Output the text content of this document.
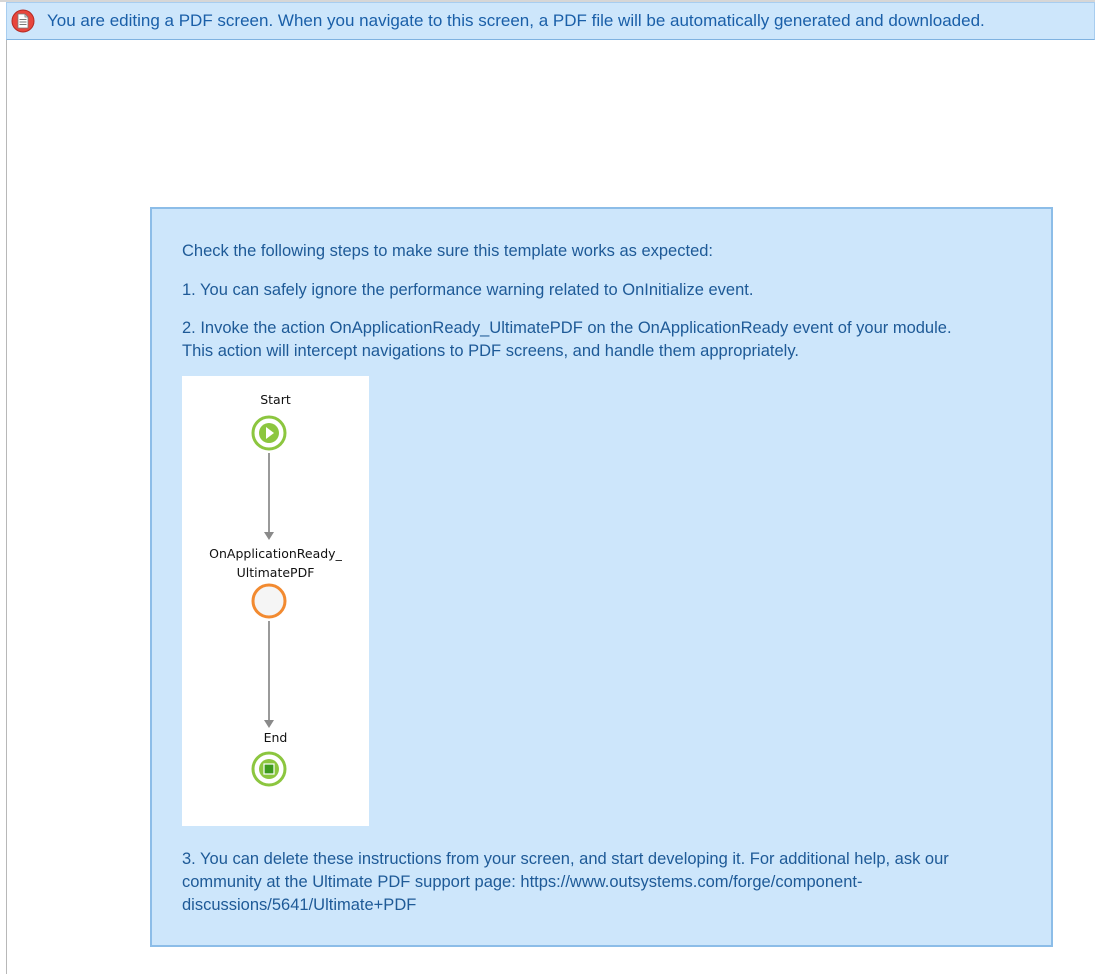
You are editing a PDF screen. When you navigate to this screen, a PDF file will be automatically generated and downloaded.

Check the following steps to make sure this template works as expected:

1. You can safely ignore the performance warning related to OnInitialize event.

2. Invoke the action OnApplicationReady_UltimatePDF on the OnApplicationReady event of your module.

This action will intercept navigations to PDF screens, and handle them appropriately.

Start
OnApplicationReady_
UltimatePDF
End

3. You can delete these instructions from your screen, and start developing it. For additional help, ask our

community at the Ultimate PDF support page: https://www.outsystems.com/forge/component-

discussions/5641/Ultimate+PDF
